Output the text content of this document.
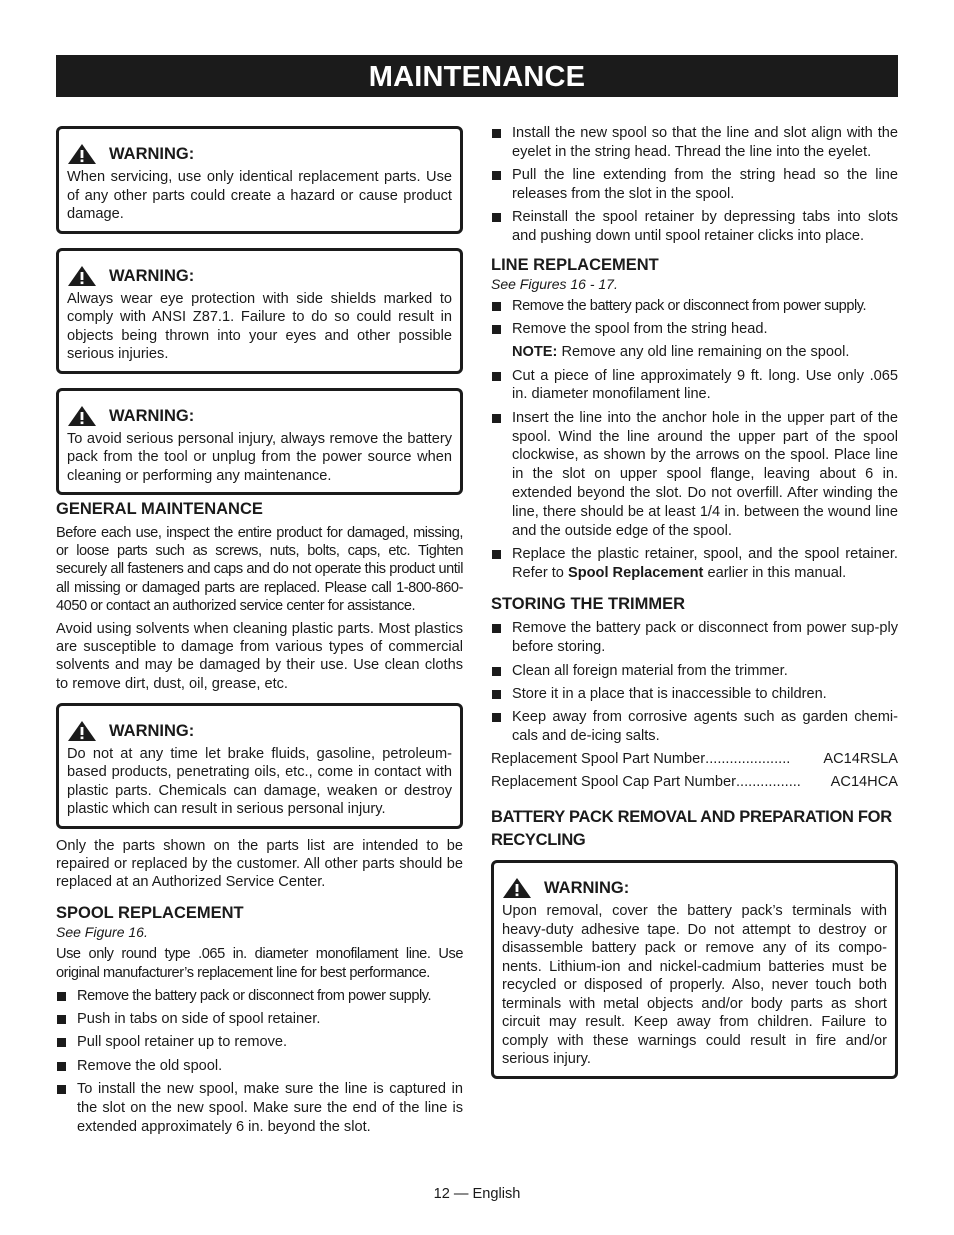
MAINTENANCE
WARNING:

When servicing, use only identical replacement parts. Use of any other parts could create a hazard or cause product damage.

WARNING:

Always wear eye protection with side shields marked to comply with ANSI Z87.1. Failure to do so could result in objects being thrown into your eyes and other possible serious injuries.

WARNING:

To avoid serious personal injury, always remove the battery pack from the tool or unplug from the power source when cleaning or performing any maintenance.

GENERAL MAINTENANCE

Before each use, inspect the entire product for damaged, missing, or loose parts such as screws, nuts, bolts, caps, etc. Tighten securely all fasteners and caps and do not operate this product until all missing or damaged parts are replaced. Please call 1-800-860-4050 or contact an authorized service center for assistance.

Avoid using solvents when cleaning plastic parts. Most plastics are susceptible to damage from various types of commercial solvents and may be damaged by their use. Use clean cloths to remove dirt, dust, oil, grease, etc.

WARNING:

Do not at any time let brake fluids, gasoline, petroleum-based products, penetrating oils, etc., come in contact with plastic parts. Chemicals can damage, weaken or destroy plastic which can result in serious personal injury.

Only the parts shown on the parts list are intended to be repaired or replaced by the customer. All other parts should be replaced at an Authorized Service Center.

SPOOL REPLACEMENT
See Figure 16.

Use only round type .065 in. diameter monofilament line. Use original manufacturer’s replacement line for best performance.

Remove the battery pack or disconnect from power supply.
Push in tabs on side of spool retainer.
Pull spool retainer up to remove.
Remove the old spool.
To install the new spool, make sure the line is captured in the slot on the new spool. Make sure the end of the line is extended approximately 6 in. beyond the slot.
Install the new spool so that the line and slot align with the eyelet in the string head. Thread the line into the eyelet.
Pull the line extending from the string head so the line releases from the slot in the spool.
Reinstall the spool retainer by depressing tabs into slots and pushing down until spool retainer clicks into place.
LINE REPLACEMENT
See Figures 16 - 17.
Remove the battery pack or disconnect from power supply.
Remove the spool from the string head.
NOTE: Remove any old line remaining on the spool.
Cut a piece of line approximately 9 ft. long. Use only .065 in. diameter monofilament line.
Insert the line into the anchor hole in the upper part of the spool. Wind the line around the upper part of the spool clockwise, as shown by the arrows on the spool. Place line in the slot on upper spool flange, leaving about 6 in. extended beyond the slot. Do not overfill. After winding the line, there should be at least 1/4 in. between the wound line and the outside edge of the spool.
Replace the plastic retainer, spool, and the spool retainer. Refer to Spool Replacement earlier in this manual.
STORING THE TRIMMER
Remove the battery pack or disconnect from power sup-ply before storing.
Clean all foreign material from the trimmer.
Store it in a place that is inaccessible to children.
Keep away from corrosive agents such as garden chemi-cals and de-icing salts.
Replacement Spool Part Number .....................	AC14RSLA
Replacement Spool Cap Part Number ................	AC14HCA
BATTERY PACK REMOVAL AND PREPARATION FOR RECYCLING
WARNING:

Upon removal, cover the battery pack’s terminals with heavy-duty adhesive tape. Do not attempt to destroy or disassemble battery pack or remove any of its compo-nents. Lithium-ion and nickel-cadmium batteries must be recycled or disposed of properly. Also, never touch both terminals with metal objects and/or body parts as short circuit may result. Keep away from children. Failure to comply with these warnings could result in fire and/or serious injury.

12 — English
